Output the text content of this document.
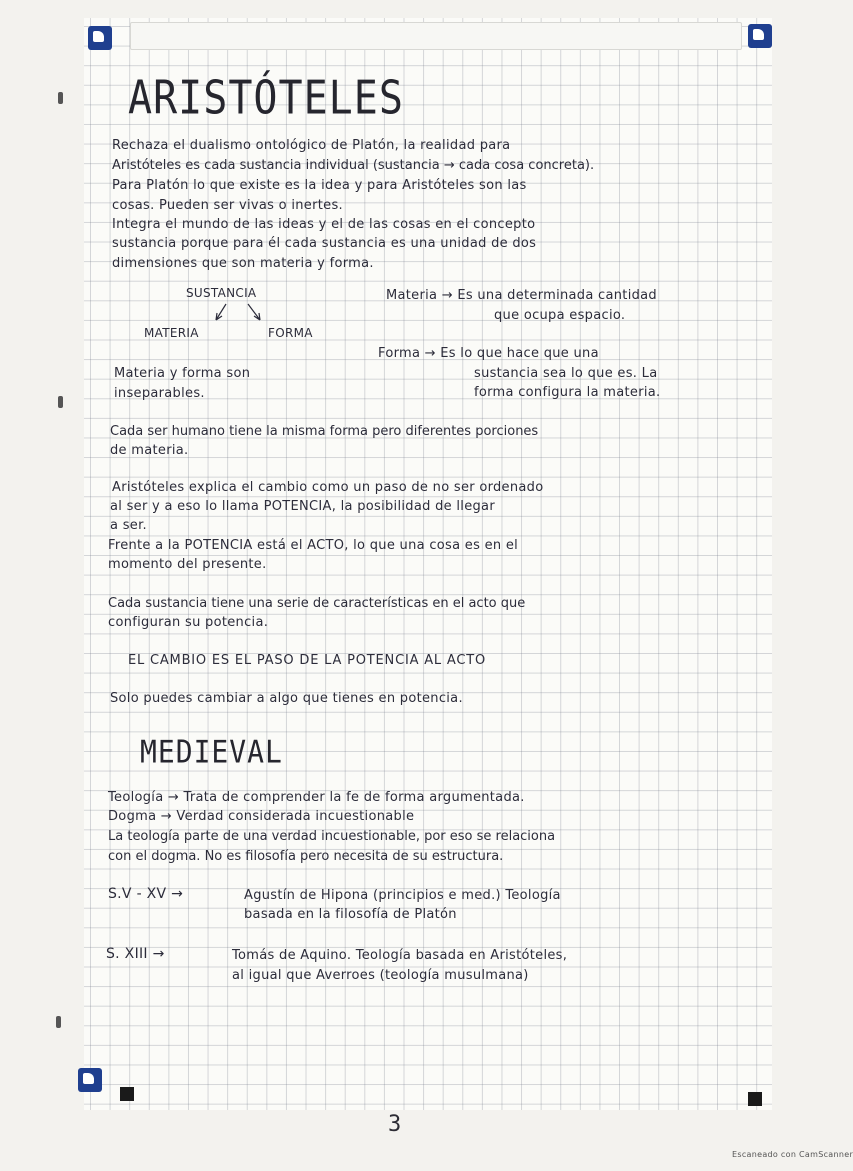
ARISTÓTELES
Rechaza el dualismo ontológico de Platón, la realidad para
Aristóteles es cada sustancia individual (sustancia → cada cosa concreta).
Para Platón lo que existe es la idea y para Aristóteles son las
cosas. Pueden ser vivas o inertes.
Integra el mundo de las ideas y el de las cosas en el concepto
sustancia porque para él cada sustancia es una unidad de dos
dimensiones que son materia y forma.
SUSTANCIA
MATERIA	FORMA
Materia → Es una determinada cantidad
que ocupa espacio.
Forma → Es lo que hace que una
sustancia sea lo que es. La
forma configura la materia.
Materia y forma son
inseparables.
Cada ser humano tiene la misma forma pero diferentes porciones
de materia.
Aristóteles explica el cambio como un paso de no ser ordenado
al ser y a eso lo llama POTENCIA, la posibilidad de llegar
a ser.
Frente a la POTENCIA está el ACTO, lo que una cosa es en el
momento del presente.
Cada sustancia tiene una serie de características en el acto que
configuran su potencia.
EL CAMBIO ES EL PASO DE LA POTENCIA AL ACTO
Solo puedes cambiar a algo que tienes en potencia.
MEDIEVAL
Teología → Trata de comprender la fe de forma argumentada.
Dogma → Verdad considerada incuestionable
La teología parte de una verdad incuestionable, por eso se relaciona
con el dogma. No es filosofía pero necesita de su estructura.
S.V - XV →	Agustín de Hipona (principios e med.) Teología
basada en la filosofía de Platón
S. XIII →	Tomás de Aquino. Teología basada en Aristóteles,
al igual que Averroes (teología musulmana)
3
Escaneado con CamScanner
